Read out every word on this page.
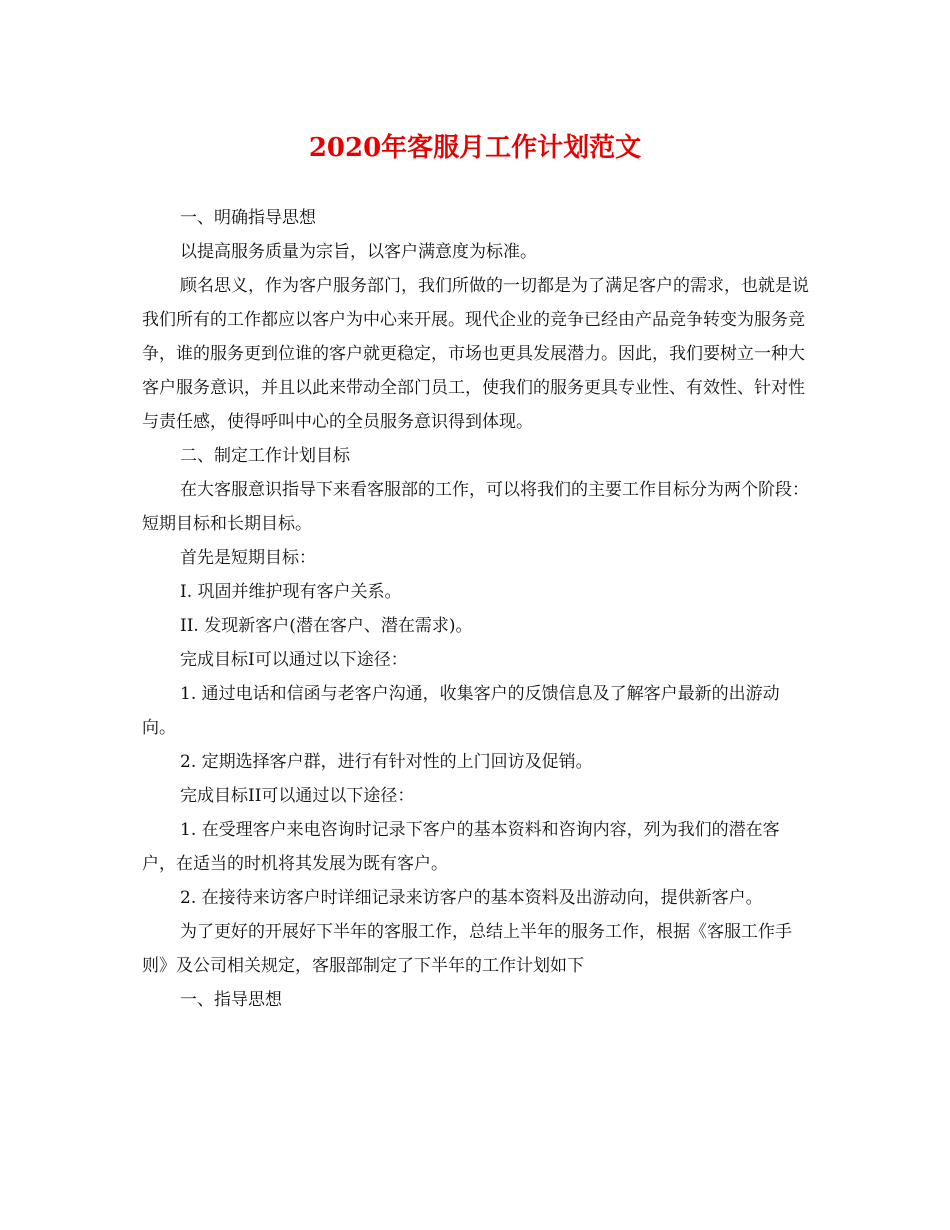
2020年客服月工作计划范文

一、明确指导思想

以提高服务质量为宗旨，以客户满意度为标准。

顾名思义，作为客户服务部门，我们所做的一切都是为了满足客户的需求，也就是说我们所有的工作都应以客户为中心来开展。现代企业的竞争已经由产品竞争转变为服务竞争，谁的服务更到位谁的客户就更稳定，市场也更具发展潜力。因此，我们要树立一种大客户服务意识，并且以此来带动全部门员工，使我们的服务更具专业性、有效性、针对性与责任感，使得呼叫中心的全员服务意识得到体现。

二、制定工作计划目标

在大客服意识指导下来看客服部的工作，可以将我们的主要工作目标分为两个阶段：短期目标和长期目标。

首先是短期目标：

I. 巩固并维护现有客户关系。

II. 发现新客户(潜在客户、潜在需求)。

完成目标I可以通过以下途径：

1. 通过电话和信函与老客户沟通，收集客户的反馈信息及了解客户最新的出游动向。

2. 定期选择客户群，进行有针对性的上门回访及促销。

完成目标II可以通过以下途径：

1. 在受理客户来电咨询时记录下客户的基本资料和咨询内容，列为我们的潜在客户，在适当的时机将其发展为既有客户。

2. 在接待来访客户时详细记录来访客户的基本资料及出游动向，提供新客户。

为了更好的开展好下半年的客服工作，总结上半年的服务工作，根据《客服工作手则》及公司相关规定，客服部制定了下半年的工作计划如下

一、指导思想
